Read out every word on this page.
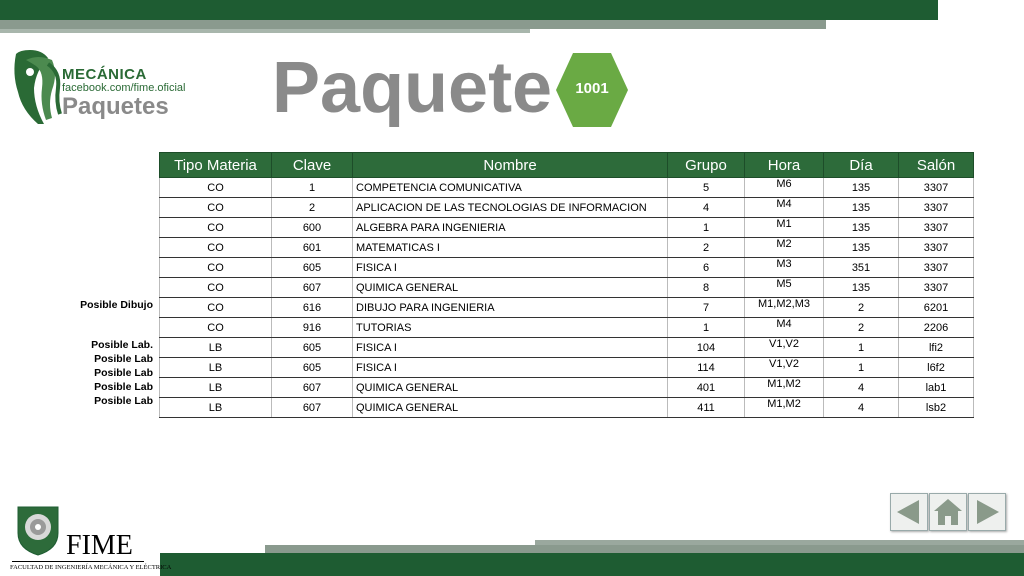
MECÁNICA
facebook.com/fime.oficial
Paquetes Paquete	1001
Tipo Materia	Clave	Nombre	Grupo	Hora	Día	Salón
CO	1	COMPETENCIA COMUNICATIVA	5	M6	135	3307
CO	2	APLICACION DE LAS TECNOLOGIAS DE INFORMACION	4	M4	135	3307
CO	600	ALGEBRA PARA INGENIERIA	1	M1	135	3307
CO	601	MATEMATICAS I	2	M2	135	3307
CO	605	FISICA I	6	M3	351	3307
CO	607	QUIMICA GENERAL	8	M5	135	3307
CO	616	DIBUJO PARA INGENIERIA	7	M1,M2,M3	2	6201
CO	916	TUTORIAS	1	M4	2	2206
LB	605	FISICA I	104	V1,V2	1	lfi2
LB	605	FISICA I	114	V1,V2	1	l6f2
LB	607	QUIMICA GENERAL	401	M1,M2	4	lab1
LB	607	QUIMICA GENERAL	411	M1,M2	4	lsb2
Posible Dibujo
Posible Lab.
Posible Lab
Posible Lab
Posible Lab
Posible Lab
FIME
FACULTAD DE INGENIERÍA MECÁNICA Y ELÉCTRICA
